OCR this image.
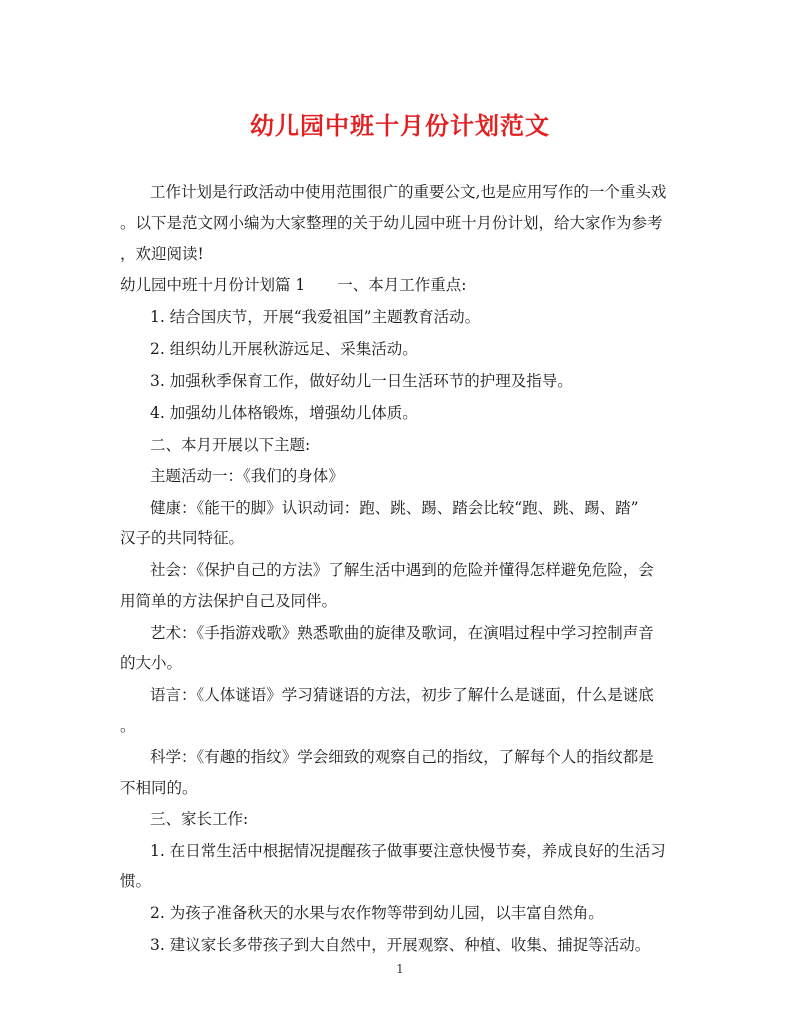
幼儿园中班十月份计划范文
工作计划是行政活动中使用范围很广的重要公文,也是应用写作的一个重头戏
。以下是范文网小编为大家整理的关于幼儿园中班十月份计划，给大家作为参考
，欢迎阅读!
幼儿园中班十月份计划篇 1 一、本月工作重点:
1. 结合国庆节，开展“我爱祖国”主题教育活动。
2. 组织幼儿开展秋游远足、采集活动。
3. 加强秋季保育工作，做好幼儿一日生活环节的护理及指导。
4. 加强幼儿体格锻炼，增强幼儿体质。
二、本月开展以下主题:
主题活动一：《我们的身体》
健康：《能干的脚》认识动词：跑、跳、踢、踏会比较“跑、跳、踢、踏”
汉子的共同特征。
社会：《保护自己的方法》了解生活中遇到的危险并懂得怎样避免危险，会
用简单的方法保护自己及同伴。
艺术：《手指游戏歌》熟悉歌曲的旋律及歌词，在演唱过程中学习控制声音
的大小。
语言：《人体谜语》学习猜谜语的方法，初步了解什么是谜面，什么是谜底
。
科学：《有趣的指纹》学会细致的观察自己的指纹，了解每个人的指纹都是
不相同的。
三、家长工作:
1. 在日常生活中根据情况提醒孩子做事要注意快慢节奏，养成良好的生活习
惯。
2. 为孩子准备秋天的水果与农作物等带到幼儿园，以丰富自然角。
3. 建议家长多带孩子到大自然中，开展观察、种植、收集、捕捉等活动。
1
